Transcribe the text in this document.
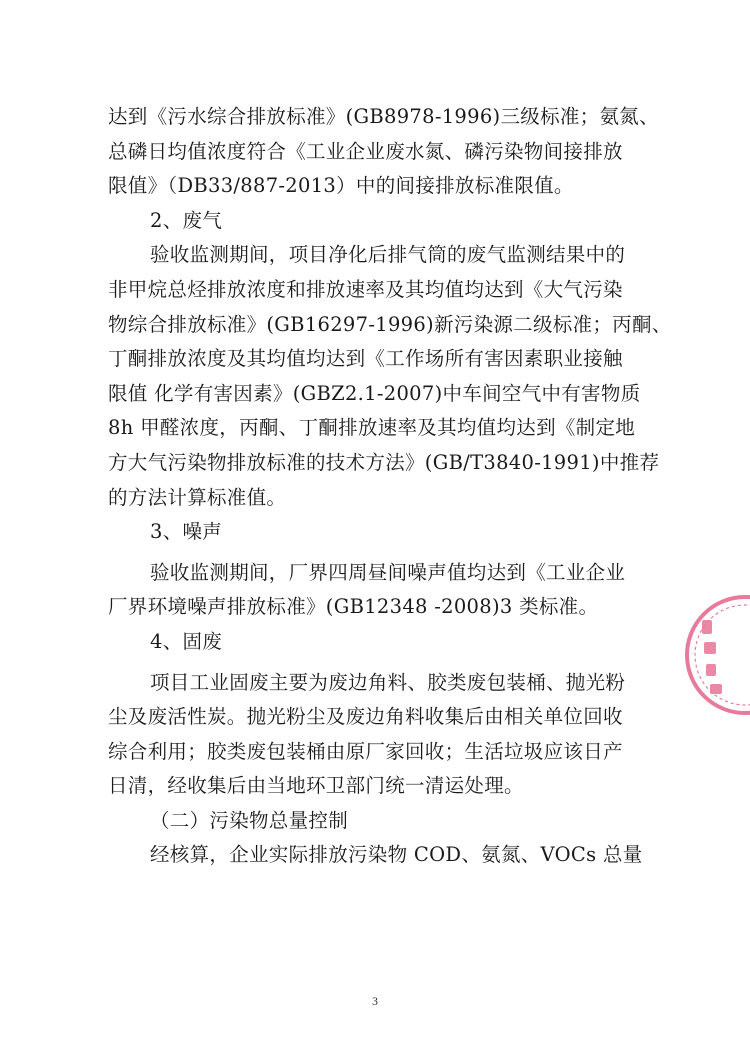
达到《污水综合排放标准》(GB8978-1996)三级标准；氨氮、
总磷日均值浓度符合《工业企业废水氮、磷污染物间接排放
限值》（DB33/887-2013）中的间接排放标准限值。
2、废气
验收监测期间，项目净化后排气筒的废气监测结果中的
非甲烷总烃排放浓度和排放速率及其均值均达到《大气污染
物综合排放标准》(GB16297-1996)新污染源二级标准；丙酮、
丁酮排放浓度及其均值均达到《工作场所有害因素职业接触
限值 化学有害因素》(GBZ2.1-2007)中车间空气中有害物质
8h 甲醛浓度，丙酮、丁酮排放速率及其均值均达到《制定地
方大气污染物排放标准的技术方法》(GB/T3840-1991)中推荐
的方法计算标准值。
3、噪声
验收监测期间，厂界四周昼间噪声值均达到《工业企业
厂界环境噪声排放标准》(GB12348 -2008)3 类标准。
4、固废
项目工业固废主要为废边角料、胶类废包装桶、抛光粉
尘及废活性炭。抛光粉尘及废边角料收集后由相关单位回收
综合利用；胶类废包装桶由原厂家回收；生活垃圾应该日产
日清，经收集后由当地环卫部门统一清运处理。
（二）污染物总量控制
经核算，企业实际排放污染物 COD、氨氮、VOCs 总量
3
